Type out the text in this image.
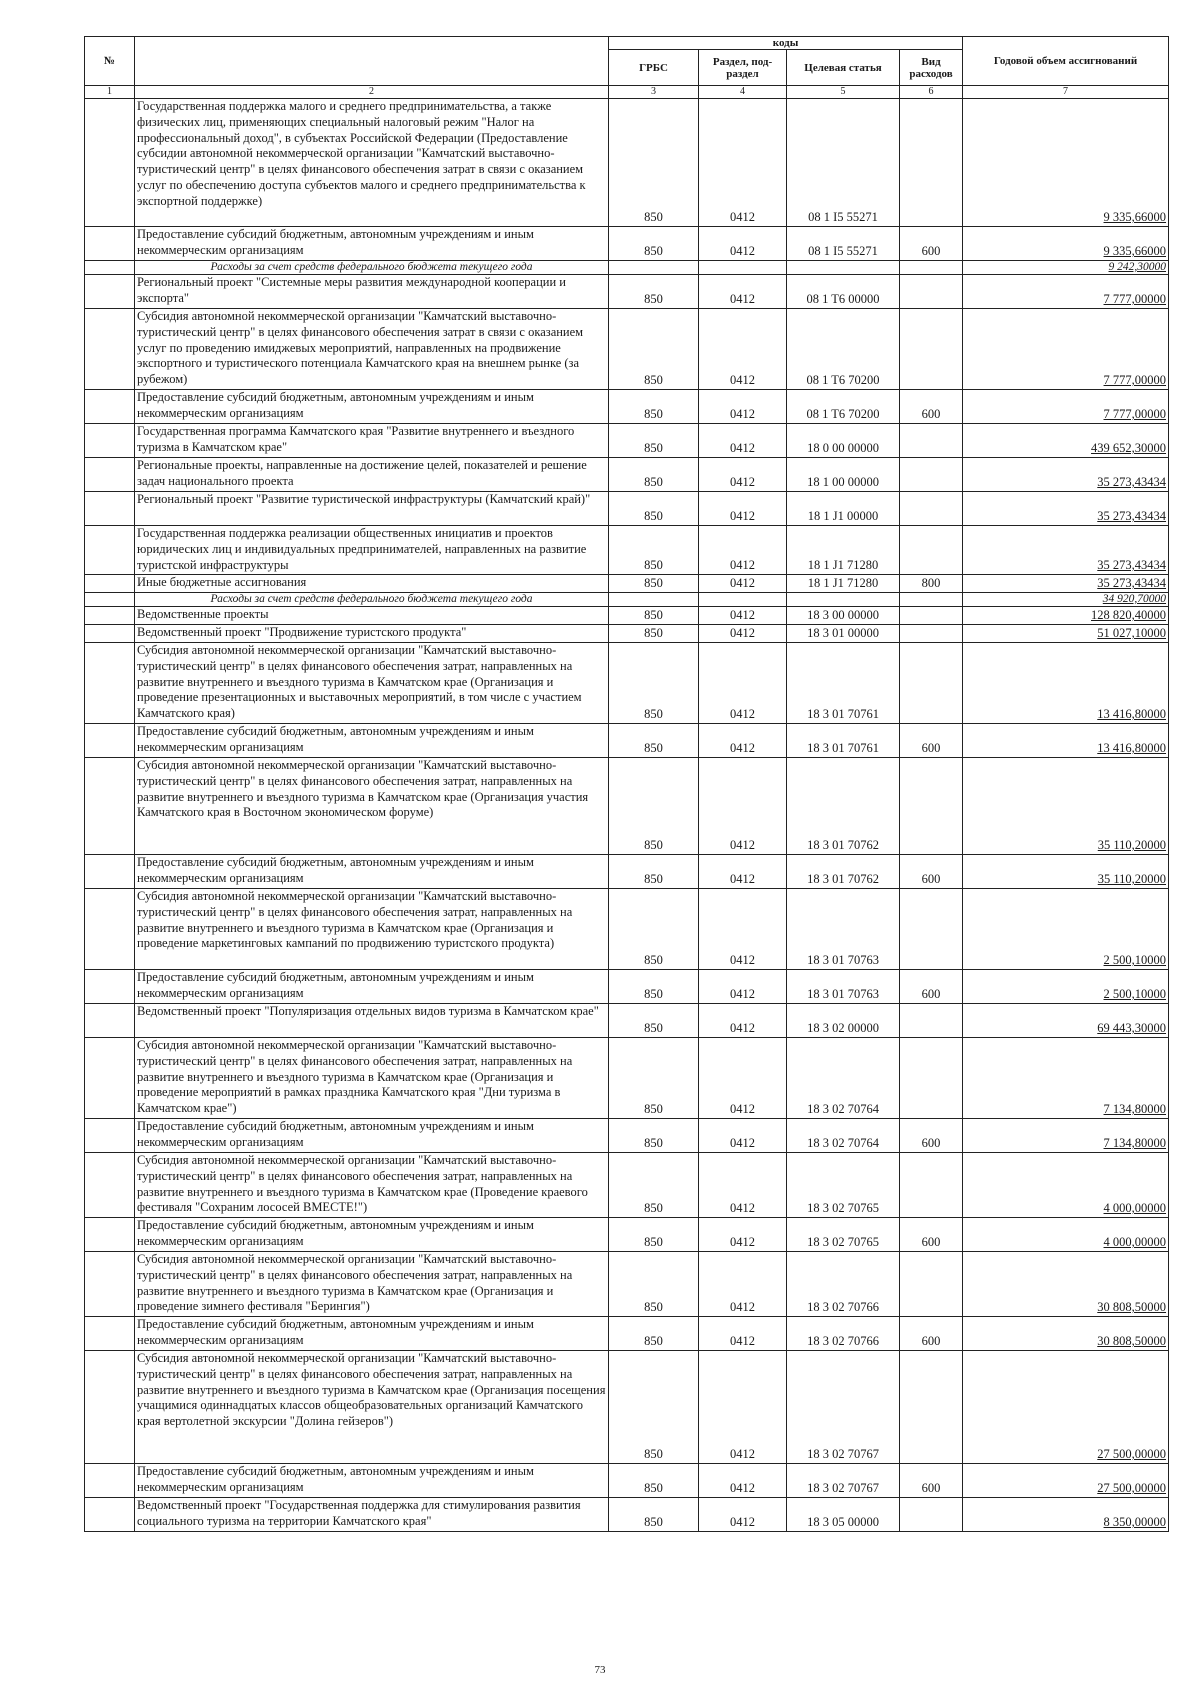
№		коды				Годовой объем ассигнований
		ГРБС	Раздел, под-раздел	Целевая статья	Вид расходов	
1	2	3	4	5	6	7
	Государственная поддержка малого и среднего предпринимательства, а также физических лиц, применяющих специальный налоговый режим "Налог на профессиональный доход", в субъектах Российской Федерации (Предоставление субсидии автономной некоммерческой организации "Камчатский выставочно-туристический центр" в целях финансового обеспечения затрат в связи с оказанием услуг по обеспечению доступа субъектов малого и среднего предпринимательства к экспортной поддержке)	850	0412	08 1 I5 55271		9 335,66000
	Предоставление субсидий бюджетным, автономным учреждениям и иным некоммерческим организациям	850	0412	08 1 I5 55271	600	9 335,66000
	Расходы за счет средств федерального бюджета текущего года					9 242,30000
	Региональный проект "Системные меры развития международной кооперации и экспорта"	850	0412	08 1 T6 00000		7 777,00000
	Субсидия автономной некоммерческой организации "Камчатский выставочно-туристический центр" в целях финансового обеспечения затрат в связи с оказанием услуг по проведению имиджевых мероприятий, направленных на продвижение экспортного и туристического потенциала Камчатского края на внешнем рынке (за рубежом)	850	0412	08 1 T6 70200		7 777,00000
	Предоставление субсидий бюджетным, автономным учреждениям и иным некоммерческим организациям	850	0412	08 1 T6 70200	600	7 777,00000
	Государственная программа Камчатского края "Развитие внутреннего и въездного туризма в Камчатском крае"	850	0412	18 0 00 00000		439 652,30000
	Региональные проекты, направленные на достижение целей, показателей и решение задач национального проекта	850	0412	18 1 00 00000		35 273,43434
	Региональный проект "Развитие туристической инфраструктуры (Камчатский край)"	850	0412	18 1 J1 00000		35 273,43434
	Государственная поддержка реализации общественных инициатив и проектов юридических лиц и индивидуальных предпринимателей, направленных на развитие туристской инфраструктуры	850	0412	18 1 J1 71280		35 273,43434
	Иные бюджетные ассигнования	850	0412	18 1 J1 71280	800	35 273,43434
	Расходы за счет средств федерального бюджета текущего года					34 920,70000
	Ведомственные проекты	850	0412	18 3 00 00000		128 820,40000
	Ведомственный проект "Продвижение туристского продукта"	850	0412	18 3 01 00000		51 027,10000
	Субсидия автономной некоммерческой организации "Камчатский выставочно-туристический центр" в целях финансового обеспечения затрат, направленных на развитие внутреннего и въездного туризма в Камчатском крае (Организация и проведение презентационных и выставочных мероприятий, в том числе с участием Камчатского края)	850	0412	18 3 01 70761		13 416,80000
	Предоставление субсидий бюджетным, автономным учреждениям и иным некоммерческим организациям	850	0412	18 3 01 70761	600	13 416,80000
	Субсидия автономной некоммерческой организации "Камчатский выставочно-туристический центр" в целях финансового обеспечения затрат, направленных на развитие внутреннего и въездного туризма в Камчатском крае (Организация участия Камчатского края в Восточном экономическом форуме)	850	0412	18 3 01 70762		35 110,20000
	Предоставление субсидий бюджетным, автономным учреждениям и иным некоммерческим организациям	850	0412	18 3 01 70762	600	35 110,20000
	Субсидия автономной некоммерческой организации "Камчатский выставочно-туристический центр" в целях финансового обеспечения затрат, направленных на развитие внутреннего и въездного туризма в Камчатском крае (Организация и проведение маркетинговых кампаний по продвижению туристского продукта)	850	0412	18 3 01 70763		2 500,10000
	Предоставление субсидий бюджетным, автономным учреждениям и иным некоммерческим организациям	850	0412	18 3 01 70763	600	2 500,10000
	Ведомственный проект "Популяризация отдельных видов туризма в Камчатском крае"	850	0412	18 3 02 00000		69 443,30000
	Субсидия автономной некоммерческой организации "Камчатский выставочно-туристический центр" в целях финансового обеспечения затрат, направленных на развитие внутреннего и въездного туризма в Камчатском крае (Организация и проведение мероприятий в рамках праздника Камчатского края "Дни туризма в Камчатском крае")	850	0412	18 3 02 70764		7 134,80000
	Предоставление субсидий бюджетным, автономным учреждениям и иным некоммерческим организациям	850	0412	18 3 02 70764	600	7 134,80000
	Субсидия автономной некоммерческой организации "Камчатский выставочно-туристический центр" в целях финансового обеспечения затрат, направленных на развитие внутреннего и въездного туризма в Камчатском крае (Проведение краевого фестиваля "Сохраним лососей ВМЕСТЕ!")	850	0412	18 3 02 70765		4 000,00000
	Предоставление субсидий бюджетным, автономным учреждениям и иным некоммерческим организациям	850	0412	18 3 02 70765	600	4 000,00000
	Субсидия автономной некоммерческой организации "Камчатский выставочно-туристический центр" в целях финансового обеспечения затрат, направленных на развитие внутреннего и въездного туризма в Камчатском крае (Организация и проведение зимнего фестиваля "Берингия")	850	0412	18 3 02 70766		30 808,50000
	Предоставление субсидий бюджетным, автономным учреждениям и иным некоммерческим организациям	850	0412	18 3 02 70766	600	30 808,50000
	Субсидия автономной некоммерческой организации "Камчатский выставочно-туристический центр" в целях финансового обеспечения затрат, направленных на развитие внутреннего и въездного туризма в Камчатском крае (Организация посещения учащимися одиннадцатых классов общеобразовательных организаций Камчатского края вертолетной экскурсии "Долина гейзеров")	850	0412	18 3 02 70767		27 500,00000
	Предоставление субсидий бюджетным, автономным учреждениям и иным некоммерческим организациям	850	0412	18 3 02 70767	600	27 500,00000
	Ведомственный проект "Государственная поддержка для стимулирования развития социального туризма на территории Камчатского края"	850	0412	18 3 05 00000		8 350,00000
73
